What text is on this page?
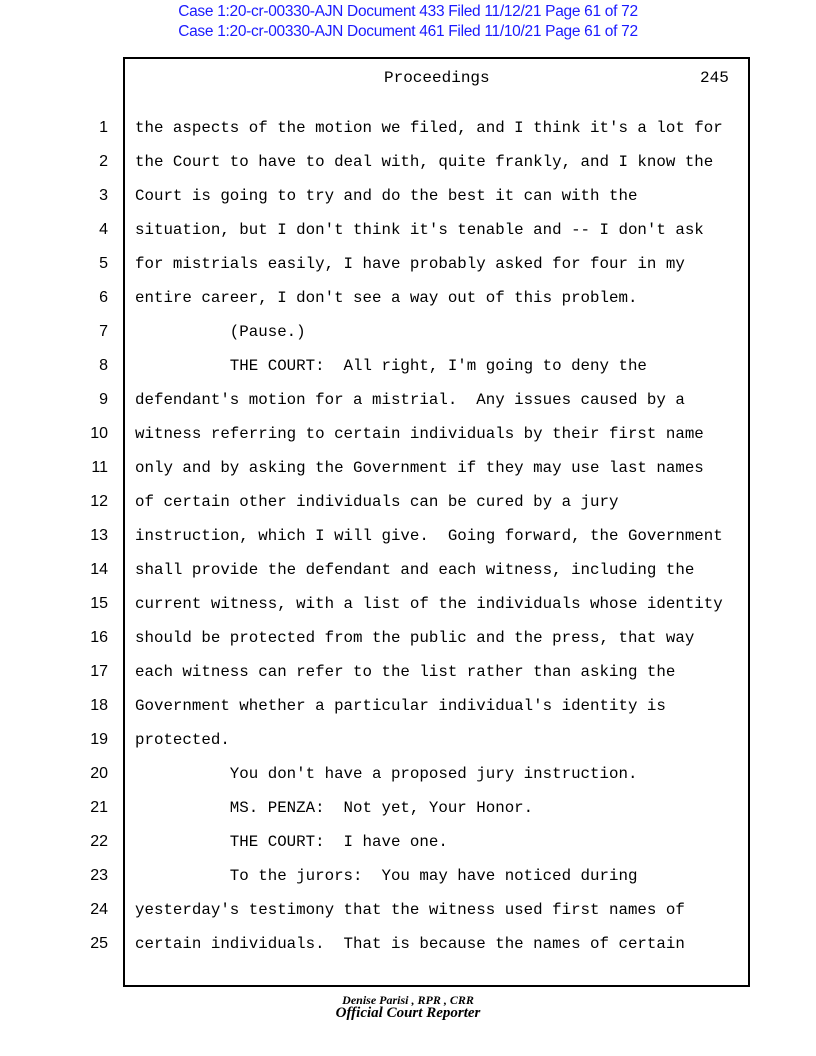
Case 1:20-cr-00330-AJN Document 433 Filed 11/12/21 Page 61 of 72
Case 1:20-cr-00330-AJN Document 461 Filed 11/10/21 Page 61 of 72
Proceedings	245
1 the aspects of the motion we filed, and I think it's a lot for
2 the Court to have to deal with, quite frankly, and I know the
3 Court is going to try and do the best it can with the
4 situation, but I don't think it's tenable and -- I don't ask
5 for mistrials easily, I have probably asked for four in my
6 entire career, I don't see a way out of this problem.
7 (Pause.)
8 THE COURT:  All right, I'm going to deny the
9 defendant's motion for a mistrial.  Any issues caused by a
10 witness referring to certain individuals by their first name
11 only and by asking the Government if they may use last names
12 of certain other individuals can be cured by a jury
13 instruction, which I will give.  Going forward, the Government
14 shall provide the defendant and each witness, including the
15 current witness, with a list of the individuals whose identity
16 should be protected from the public and the press, that way
17 each witness can refer to the list rather than asking the
18 Government whether a particular individual's identity is
19 protected.
20 You don't have a proposed jury instruction.
21 MS. PENZA:  Not yet, Your Honor.
22 THE COURT:  I have one.
23 To the jurors:  You may have noticed during
24 yesterday's testimony that the witness used first names of
25 certain individuals.  That is because the names of certain
Denise Parisi , RPR , CRR
Official Court Reporter
